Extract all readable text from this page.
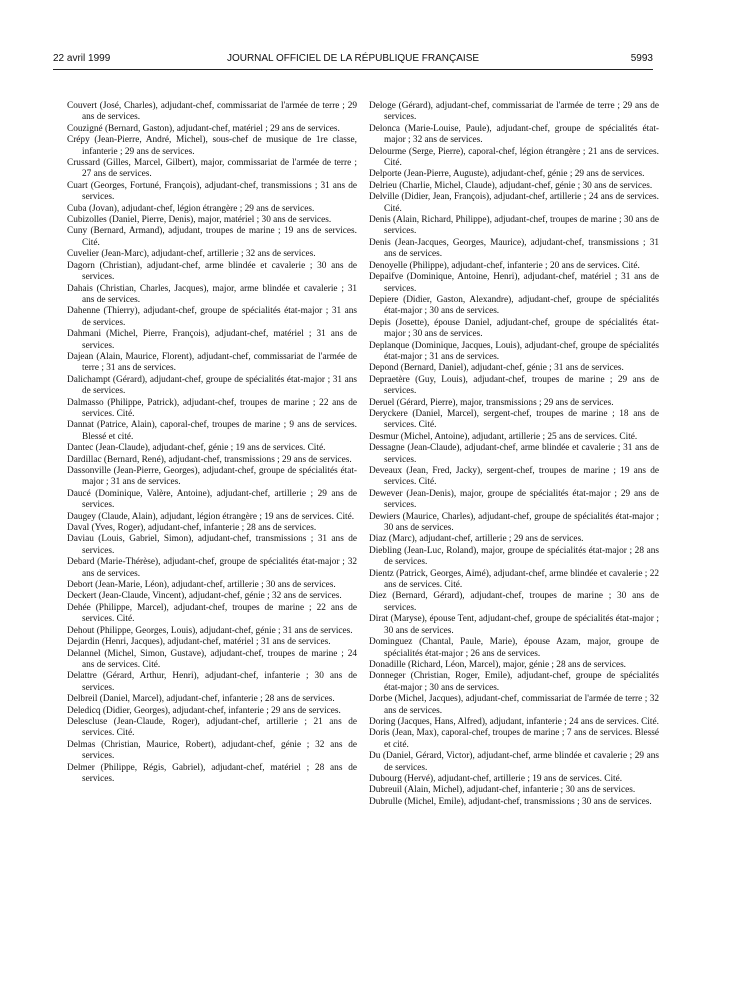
22 avril 1999	JOURNAL OFFICIEL DE LA RÉPUBLIQUE FRANÇAISE	5993

Couvert (José, Charles), adjudant-chef, commissariat de l'armée de terre ; 29 ans de services.

Couzigné (Bernard, Gaston), adjudant-chef, matériel ; 29 ans de services.

Crépy (Jean-Pierre, André, Michel), sous-chef de musique de 1re classe, infanterie ; 29 ans de services.

Crussard (Gilles, Marcel, Gilbert), major, commissariat de l'armée de terre ; 27 ans de services.

Cuart (Georges, Fortuné, François), adjudant-chef, transmissions ; 31 ans de services.

Cuba (Jovan), adjudant-chef, légion étrangère ; 29 ans de services.

Cubizolles (Daniel, Pierre, Denis), major, matériel ; 30 ans de services.

Cuny (Bernard, Armand), adjudant, troupes de marine ; 19 ans de services. Cité.

Cuvelier (Jean-Marc), adjudant-chef, artillerie ; 32 ans de services.

Dagorn (Christian), adjudant-chef, arme blindée et cavalerie ; 30 ans de services.

Dahais (Christian, Charles, Jacques), major, arme blindée et cavalerie ; 31 ans de services.

Dahenne (Thierry), adjudant-chef, groupe de spécialités état-major ; 31 ans de services.

Dahmani (Michel, Pierre, François), adjudant-chef, matériel ; 31 ans de services.

Dajean (Alain, Maurice, Florent), adjudant-chef, commissariat de l'armée de terre ; 31 ans de services.

Dalichampt (Gérard), adjudant-chef, groupe de spécialités état-major ; 31 ans de services.

Dalmasso (Philippe, Patrick), adjudant-chef, troupes de marine ; 22 ans de services. Cité.

Dannat (Patrice, Alain), caporal-chef, troupes de marine ; 9 ans de services. Blessé et cité.

Dantec (Jean-Claude), adjudant-chef, génie ; 19 ans de services. Cité.

Dardillac (Bernard, René), adjudant-chef, transmissions ; 29 ans de services.

Dassonville (Jean-Pierre, Georges), adjudant-chef, groupe de spécialités état-major ; 31 ans de services.

Daucé (Dominique, Valère, Antoine), adjudant-chef, artillerie ; 29 ans de services.

Daugey (Claude, Alain), adjudant, légion étrangère ; 19 ans de services. Cité.

Daval (Yves, Roger), adjudant-chef, infanterie ; 28 ans de services.

Daviau (Louis, Gabriel, Simon), adjudant-chef, transmissions ; 31 ans de services.

Debard (Marie-Thérèse), adjudant-chef, groupe de spécialités état-major ; 32 ans de services.

Debort (Jean-Marie, Léon), adjudant-chef, artillerie ; 30 ans de services.

Deckert (Jean-Claude, Vincent), adjudant-chef, génie ; 32 ans de services.

Dehée (Philippe, Marcel), adjudant-chef, troupes de marine ; 22 ans de services. Cité.

Dehout (Philippe, Georges, Louis), adjudant-chef, génie ; 31 ans de services.

Dejardin (Henri, Jacques), adjudant-chef, matériel ; 31 ans de services.

Delannel (Michel, Simon, Gustave), adjudant-chef, troupes de marine ; 24 ans de services. Cité.

Delattre (Gérard, Arthur, Henri), adjudant-chef, infanterie ; 30 ans de services.

Delbreil (Daniel, Marcel), adjudant-chef, infanterie ; 28 ans de services.

Deledicq (Didier, Georges), adjudant-chef, infanterie ; 29 ans de services.

Delescluse (Jean-Claude, Roger), adjudant-chef, artillerie ; 21 ans de services. Cité.

Delmas (Christian, Maurice, Robert), adjudant-chef, génie ; 32 ans de services.

Delmer (Philippe, Régis, Gabriel), adjudant-chef, matériel ; 28 ans de services.

Deloge (Gérard), adjudant-chef, commissariat de l'armée de terre ; 29 ans de services.

Delonca (Marie-Louise, Paule), adjudant-chef, groupe de spécialités état-major ; 32 ans de services.

Delourme (Serge, Pierre), caporal-chef, légion étrangère ; 21 ans de services. Cité.

Delporte (Jean-Pierre, Auguste), adjudant-chef, génie ; 29 ans de services.

Delrieu (Charlie, Michel, Claude), adjudant-chef, génie ; 30 ans de services.

Delville (Didier, Jean, François), adjudant-chef, artillerie ; 24 ans de services. Cité.

Denis (Alain, Richard, Philippe), adjudant-chef, troupes de marine ; 30 ans de services.

Denis (Jean-Jacques, Georges, Maurice), adjudant-chef, transmissions ; 31 ans de services.

Denoyelle (Philippe), adjudant-chef, infanterie ; 20 ans de services. Cité.

Depaifve (Dominique, Antoine, Henri), adjudant-chef, matériel ; 31 ans de services.

Depiere (Didier, Gaston, Alexandre), adjudant-chef, groupe de spécialités état-major ; 30 ans de services.

Depis (Josette), épouse Daniel, adjudant-chef, groupe de spécialités état-major ; 30 ans de services.

Deplanque (Dominique, Jacques, Louis), adjudant-chef, groupe de spécialités état-major ; 31 ans de services.

Depond (Bernard, Daniel), adjudant-chef, génie ; 31 ans de services.

Depraetère (Guy, Louis), adjudant-chef, troupes de marine ; 29 ans de services.

Deruel (Gérard, Pierre), major, transmissions ; 29 ans de services.

Deryckere (Daniel, Marcel), sergent-chef, troupes de marine ; 18 ans de services. Cité.

Desmur (Michel, Antoine), adjudant, artillerie ; 25 ans de services. Cité.

Dessagne (Jean-Claude), adjudant-chef, arme blindée et cavalerie ; 31 ans de services.

Deveaux (Jean, Fred, Jacky), sergent-chef, troupes de marine ; 19 ans de services. Cité.

Dewever (Jean-Denis), major, groupe de spécialités état-major ; 29 ans de services.

Dewiers (Maurice, Charles), adjudant-chef, groupe de spécialités état-major ; 30 ans de services.

Diaz (Marc), adjudant-chef, artillerie ; 29 ans de services.

Diebling (Jean-Luc, Roland), major, groupe de spécialités état-major ; 28 ans de services.

Dientz (Patrick, Georges, Aimé), adjudant-chef, arme blindée et cavalerie ; 22 ans de services. Cité.

Diez (Bernard, Gérard), adjudant-chef, troupes de marine ; 30 ans de services.

Dirat (Maryse), épouse Tent, adjudant-chef, groupe de spécialités état-major ; 30 ans de services.

Dominguez (Chantal, Paule, Marie), épouse Azam, major, groupe de spécialités état-major ; 26 ans de services.

Donadille (Richard, Léon, Marcel), major, génie ; 28 ans de services.

Donneger (Christian, Roger, Emile), adjudant-chef, groupe de spécialités état-major ; 30 ans de services.

Dorbe (Michel, Jacques), adjudant-chef, commissariat de l'armée de terre ; 32 ans de services.

Doring (Jacques, Hans, Alfred), adjudant, infanterie ; 24 ans de services. Cité.

Doris (Jean, Max), caporal-chef, troupes de marine ; 7 ans de services. Blessé et cité.

Du (Daniel, Gérard, Victor), adjudant-chef, arme blindée et cavalerie ; 29 ans de services.

Dubourg (Hervé), adjudant-chef, artillerie ; 19 ans de services. Cité.

Dubreuil (Alain, Michel), adjudant-chef, infanterie ; 30 ans de services.

Dubrulle (Michel, Emile), adjudant-chef, transmissions ; 30 ans de services.
